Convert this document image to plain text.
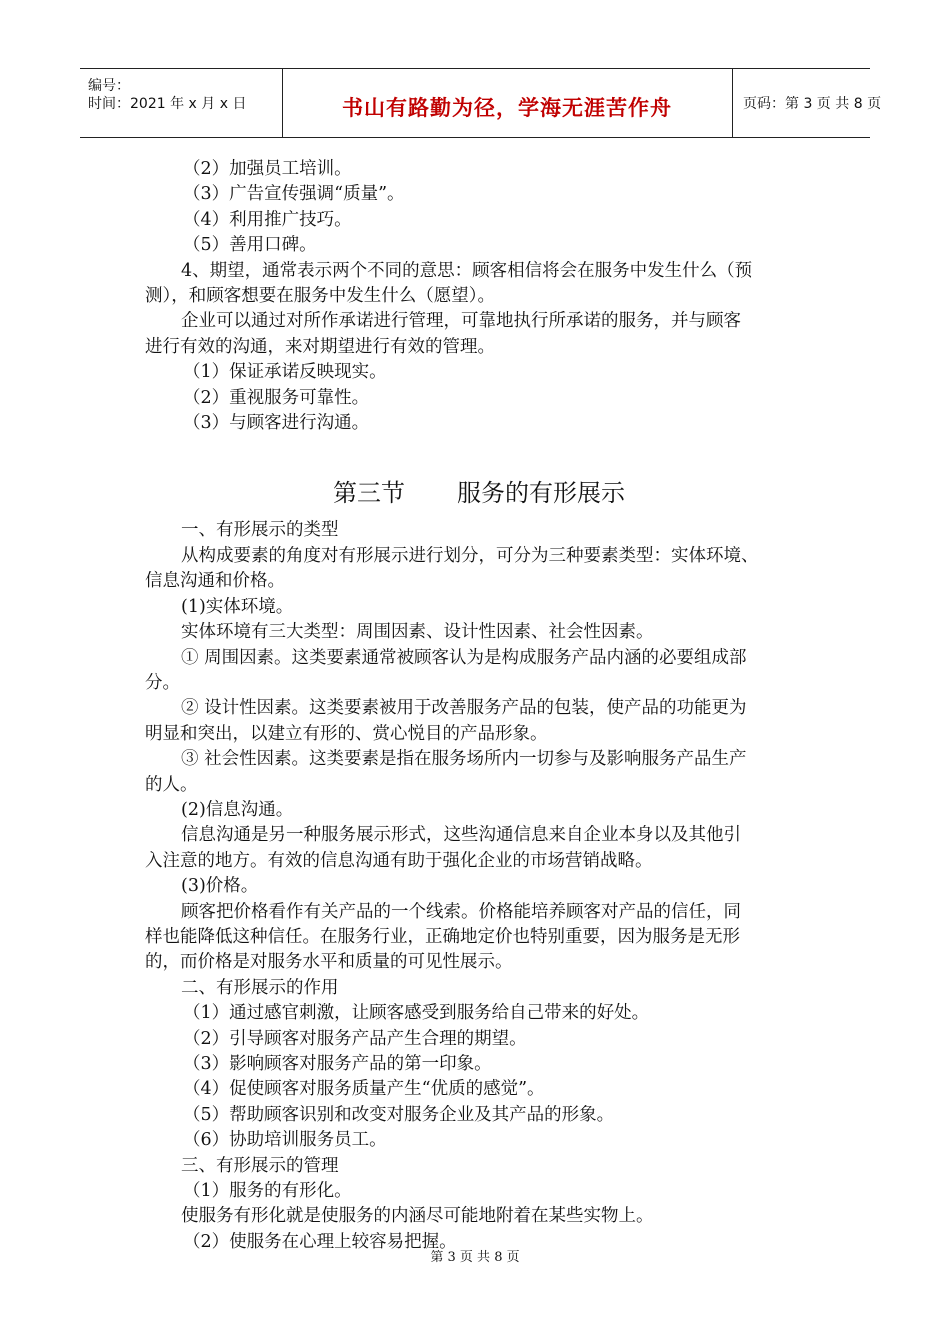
编号：
时间：2021 年 x 月 x 日	书山有路勤为径，学海无涯苦作舟	页码：第 3 页 共 8 页
（2）加强员工培训。
（3）广告宣传强调“质量”。
（4）利用推广技巧。
（5）善用口碑。
4、期望，通常表示两个不同的意思：顾客相信将会在服务中发生什么（预
测），和顾客想要在服务中发生什么（愿望）。
企业可以通过对所作承诺进行管理，可靠地执行所承诺的服务，并与顾客
进行有效的沟通，来对期望进行有效的管理。
（1）保证承诺反映现实。
（2）重视服务可靠性。
（3）与顾客进行沟通。
第三节 服务的有形展示
一、有形展示的类型
从构成要素的角度对有形展示进行划分，可分为三种要素类型：实体环境、
信息沟通和价格。
(1)实体环境。
实体环境有三大类型：周围因素、设计性因素、社会性因素。
① 周围因素。这类要素通常被顾客认为是构成服务产品内涵的必要组成部
分。
② 设计性因素。这类要素被用于改善服务产品的包装，使产品的功能更为
明显和突出，以建立有形的、赏心悦目的产品形象。
③ 社会性因素。这类要素是指在服务场所内一切参与及影响服务产品生产
的人。
(2)信息沟通。
信息沟通是另一种服务展示形式，这些沟通信息来自企业本身以及其他引
入注意的地方。有效的信息沟通有助于强化企业的市场营销战略。
(3)价格。
顾客把价格看作有关产品的一个线索。价格能培养顾客对产品的信任，同
样也能降低这种信任。在服务行业，正确地定价也特别重要，因为服务是无形
的，而价格是对服务水平和质量的可见性展示。
二、有形展示的作用
（1）通过感官刺激，让顾客感受到服务给自己带来的好处。
（2）引导顾客对服务产品产生合理的期望。
（3）影响顾客对服务产品的第一印象。
（4）促使顾客对服务质量产生“优质的感觉”。
（5）帮助顾客识别和改变对服务企业及其产品的形象。
（6）协助培训服务员工。
三、有形展示的管理
（1）服务的有形化。
使服务有形化就是使服务的内涵尽可能地附着在某些实物上。
（2）使服务在心理上较容易把握。
第 3 页 共 8 页
